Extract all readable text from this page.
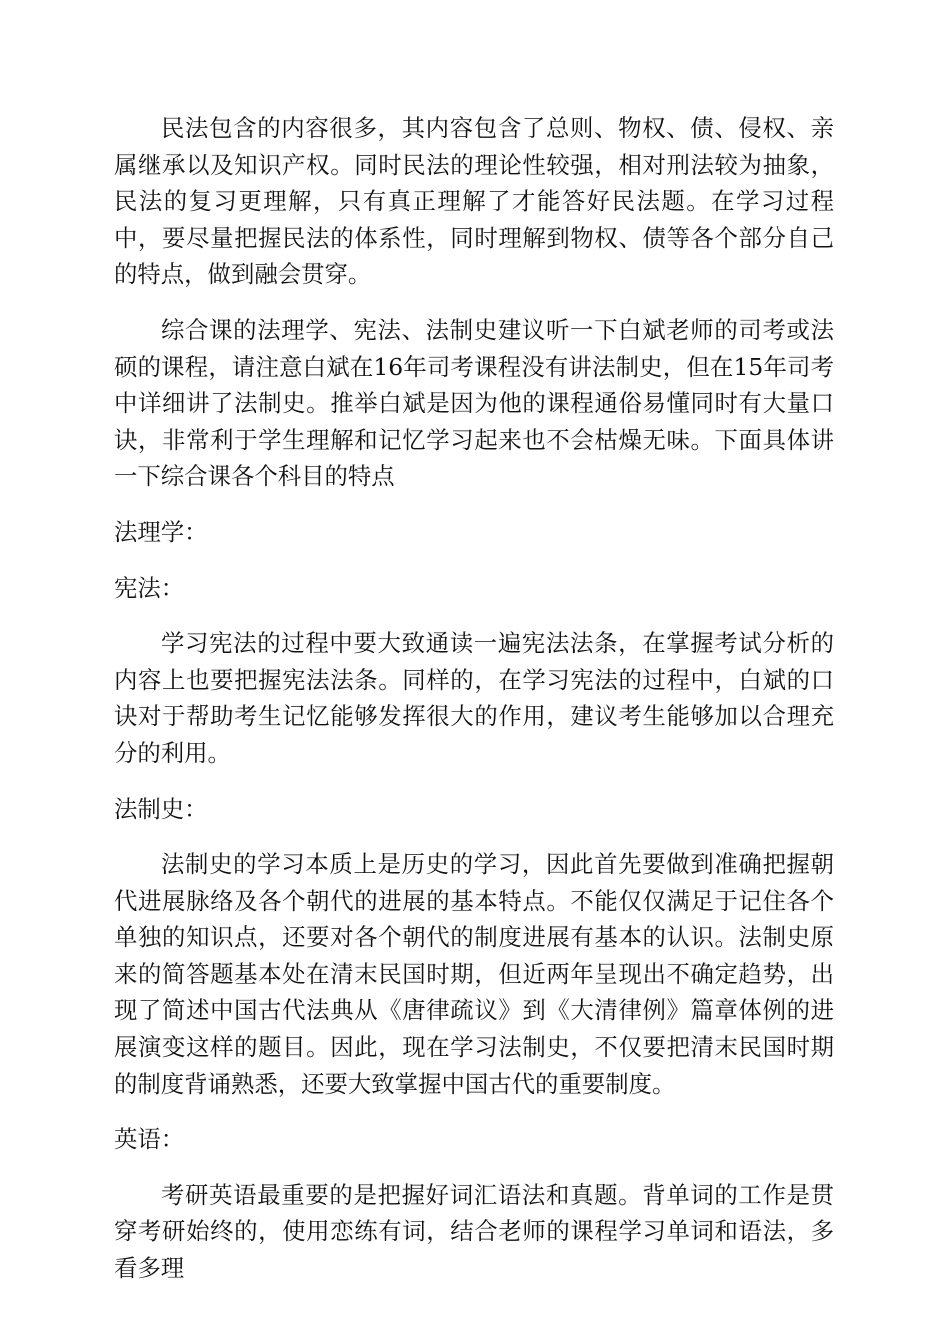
民法包含的内容很多，其内容包含了总则、物权、债、侵权、亲属继承以及知识产权。同时民法的理论性较强，相对刑法较为抽象，民法的复习更理解，只有真正理解了才能答好民法题。在学习过程中，要尽量把握民法的体系性，同时理解到物权、债等各个部分自己的特点，做到融会贯穿。

综合课的法理学、宪法、法制史建议听一下白斌老师的司考或法硕的课程，请注意白斌在16年司考课程没有讲法制史，但在15年司考中详细讲了法制史。推举白斌是因为他的课程通俗易懂同时有大量口诀，非常利于学生理解和记忆学习起来也不会枯燥无味。下面具体讲一下综合课各个科目的特点

法理学：

宪法：

学习宪法的过程中要大致通读一遍宪法法条，在掌握考试分析的内容上也要把握宪法法条。同样的，在学习宪法的过程中，白斌的口诀对于帮助考生记忆能够发挥很大的作用，建议考生能够加以合理充分的利用。

法制史：

法制史的学习本质上是历史的学习，因此首先要做到准确把握朝代进展脉络及各个朝代的进展的基本特点。不能仅仅满足于记住各个单独的知识点，还要对各个朝代的制度进展有基本的认识。法制史原来的简答题基本处在清末民国时期，但近两年呈现出不确定趋势，出现了简述中国古代法典从《唐律疏议》到《大清律例》篇章体例的进展演变这样的题目。因此，现在学习法制史，不仅要把清末民国时期的制度背诵熟悉，还要大致掌握中国古代的重要制度。

英语：

考研英语最重要的是把握好词汇语法和真题。背单词的工作是贯穿考研始终的，使用恋练有词，结合老师的课程学习单词和语法，多看多理
